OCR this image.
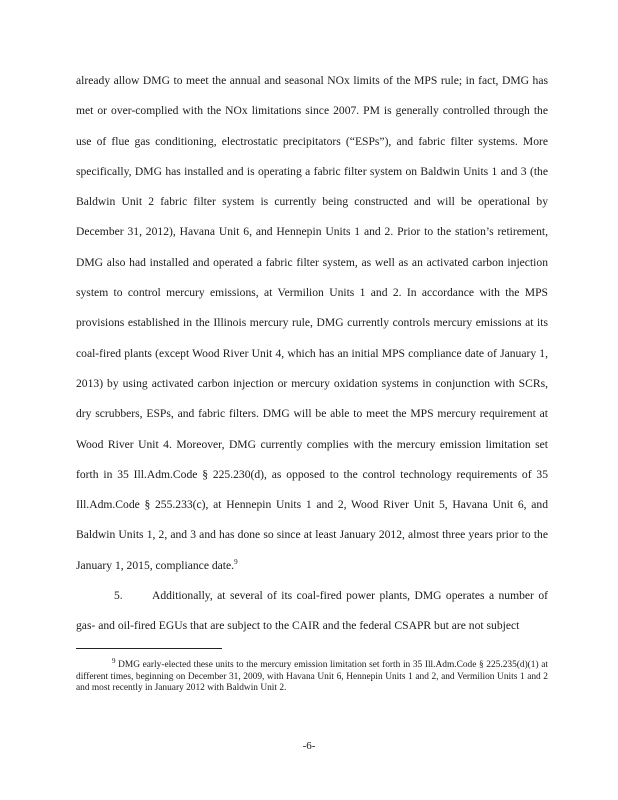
already allow DMG to meet the annual and seasonal NOx limits of the MPS rule; in fact, DMG has met or over-complied with the NOx limitations since 2007. PM is generally controlled through the use of flue gas conditioning, electrostatic precipitators (“ESPs”), and fabric filter systems. More specifically, DMG has installed and is operating a fabric filter system on Baldwin Units 1 and 3 (the Baldwin Unit 2 fabric filter system is currently being constructed and will be operational by December 31, 2012), Havana Unit 6, and Hennepin Units 1 and 2. Prior to the station’s retirement, DMG also had installed and operated a fabric filter system, as well as an activated carbon injection system to control mercury emissions, at Vermilion Units 1 and 2. In accordance with the MPS provisions established in the Illinois mercury rule, DMG currently controls mercury emissions at its coal-fired plants (except Wood River Unit 4, which has an initial MPS compliance date of January 1, 2013) by using activated carbon injection or mercury oxidation systems in conjunction with SCRs, dry scrubbers, ESPs, and fabric filters. DMG will be able to meet the MPS mercury requirement at Wood River Unit 4. Moreover, DMG currently complies with the mercury emission limitation set forth in 35 Ill.Adm.Code § 225.230(d), as opposed to the control technology requirements of 35 Ill.Adm.Code § 255.233(c), at Hennepin Units 1 and 2, Wood River Unit 5, Havana Unit 6, and Baldwin Units 1, 2, and 3 and has done so since at least January 2012, almost three years prior to the January 1, 2015, compliance date.$^9$

5.	Additionally, at several of its coal-fired power plants, DMG operates a number of gas- and oil-fired EGUs that are subject to the CAIR and the federal CSAPR but are not subject

$^9$ DMG early-elected these units to the mercury emission limitation set forth in 35 Ill.Adm.Code § 225.235(d)(1) at different times, beginning on December 31, 2009, with Havana Unit 6, Hennepin Units 1 and 2, and Vermilion Units 1 and 2 and most recently in January 2012 with Baldwin Unit 2.

-6-
